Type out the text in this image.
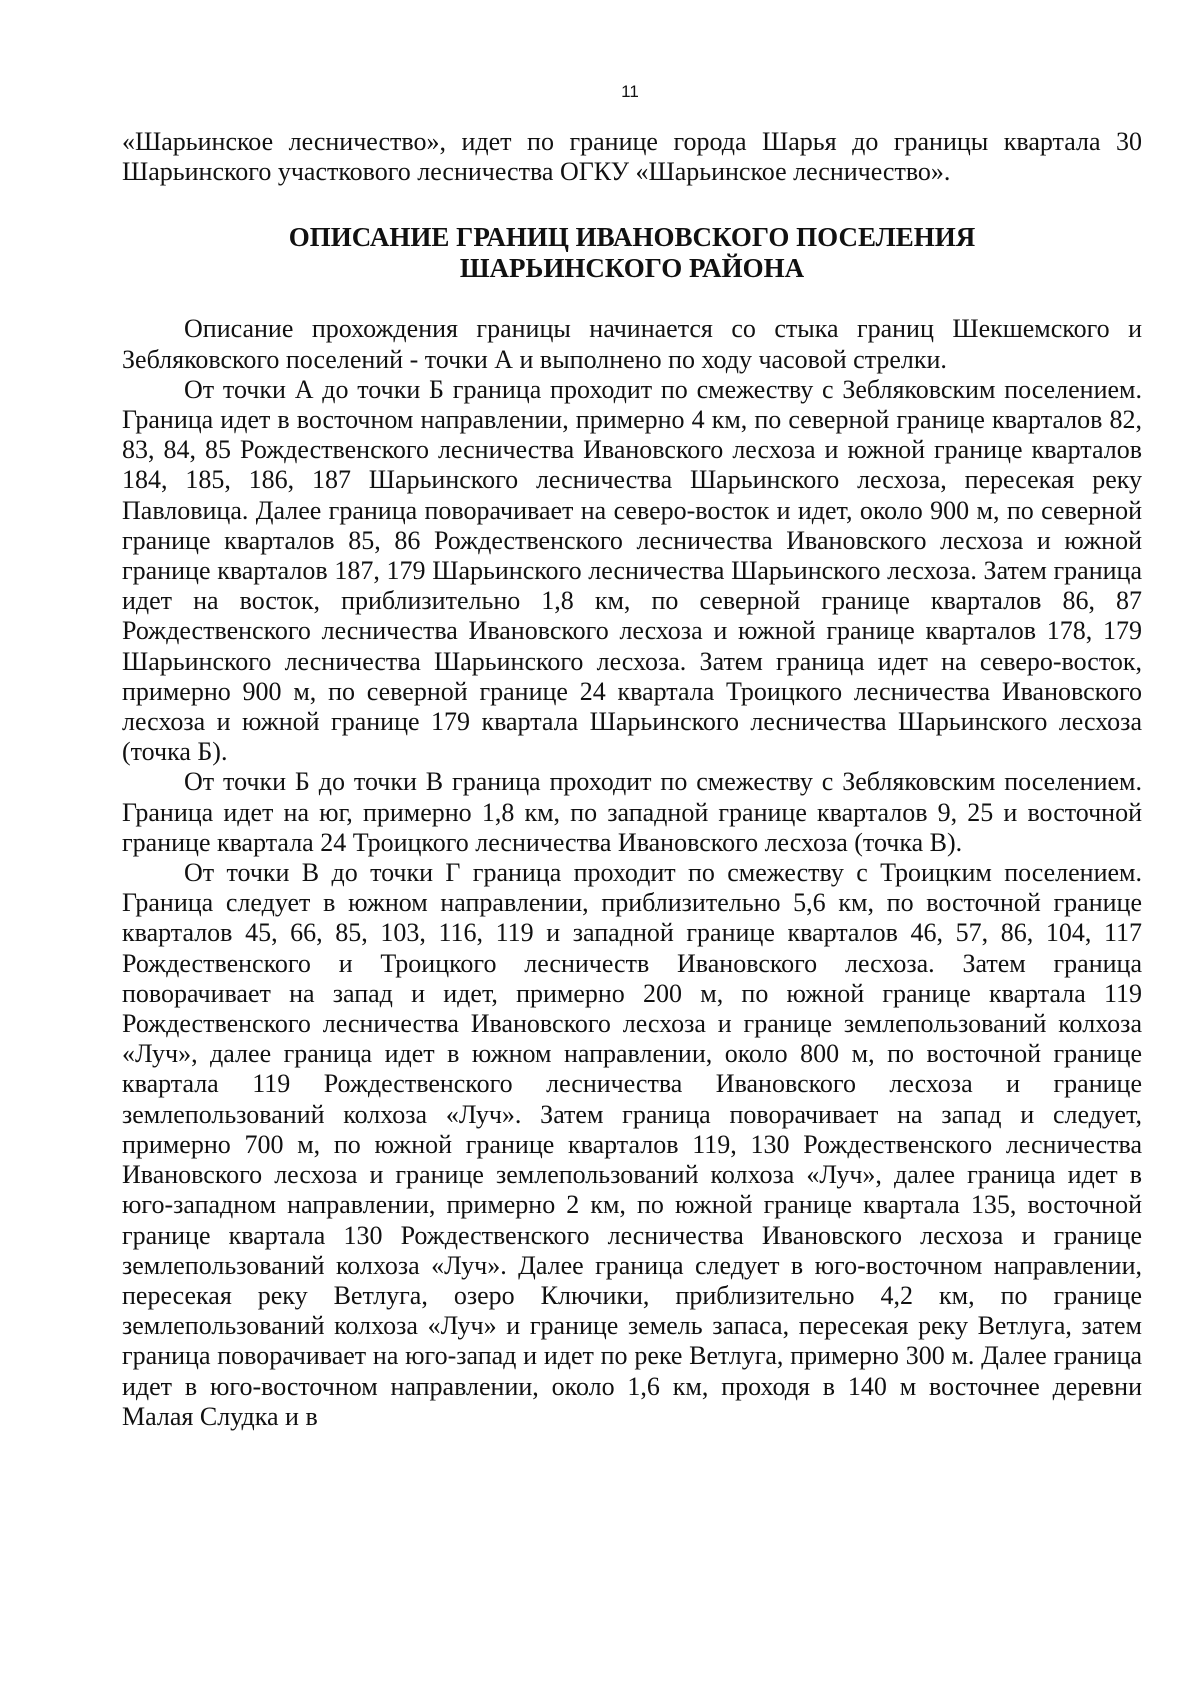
11

«Шарьинское лесничество», идет по границе города Шарья до границы квартала 30 Шарьинского участкового лесничества ОГКУ «Шарьинское лесничество».

ОПИСАНИЕ ГРАНИЦ ИВАНОВСКОГО ПОСЕЛЕНИЯ
ШАРЬИНСКОГО РАЙОНА

Описание прохождения границы начинается со стыка границ Шекшемского и Зебляковского поселений - точки А и выполнено по ходу часовой стрелки.

От точки А до точки Б граница проходит по смежеству с Зебляковским поселением. Граница идет в восточном направлении, примерно 4 км, по северной границе кварталов 82, 83, 84, 85 Рождественского лесничества Ивановского лесхоза и южной границе кварталов 184, 185, 186, 187 Шарьинского лесничества Шарьинского лесхоза, пересекая реку Павловица. Далее граница поворачивает на северо-восток и идет, около 900 м, по северной границе кварталов 85, 86 Рождественского лесничества Ивановского лесхоза и южной границе кварталов 187, 179 Шарьинского лесничества Шарьинского лесхоза. Затем граница идет на восток, приблизительно 1,8 км, по северной границе кварталов 86, 87 Рождественского лесничества Ивановского лесхоза и южной границе кварталов 178, 179 Шарьинского лесничества Шарьинского лесхоза. Затем граница идет на северо-восток, примерно 900 м, по северной границе 24 квартала Троицкого лесничества Ивановского лесхоза и южной границе 179 квартала Шарьинского лесничества Шарьинского лесхоза (точка Б).

От точки Б до точки В граница проходит по смежеству с Зебляковским поселением. Граница идет на юг, примерно 1,8 км, по западной границе кварталов 9, 25 и восточной границе квартала 24 Троицкого лесничества Ивановского лесхоза (точка В).

От точки В до точки Г граница проходит по смежеству с Троицким поселением. Граница следует в южном направлении, приблизительно 5,6 км, по восточной границе кварталов 45, 66, 85, 103, 116, 119 и западной границе кварталов 46, 57, 86, 104, 117 Рождественского и Троицкого лесничеств Ивановского лесхоза. Затем граница поворачивает на запад и идет, примерно 200 м, по южной границе квартала 119 Рождественского лесничества Ивановского лесхоза и границе землепользований колхоза «Луч», далее граница идет в южном направлении, около 800 м, по восточной границе квартала 119 Рождественского лесничества Ивановского лесхоза и границе землепользований колхоза «Луч». Затем граница поворачивает на запад и следует, примерно 700 м, по южной границе кварталов 119, 130 Рождественского лесничества Ивановского лесхоза и границе землепользований колхоза «Луч», далее граница идет в юго-западном направлении, примерно 2 км, по южной границе квартала 135, восточной границе квартала 130 Рождественского лесничества Ивановского лесхоза и границе землепользований колхоза «Луч». Далее граница следует в юго-восточном направлении, пересекая реку Ветлуга, озеро Ключики, приблизительно 4,2 км, по границе землепользований колхоза «Луч» и границе земель запаса, пересекая реку Ветлуга, затем граница поворачивает на юго-запад и идет по реке Ветлуга, примерно 300 м. Далее граница идет в юго-восточном направлении, около 1,6 км, проходя в 140 м восточнее деревни Малая Слудка и в
